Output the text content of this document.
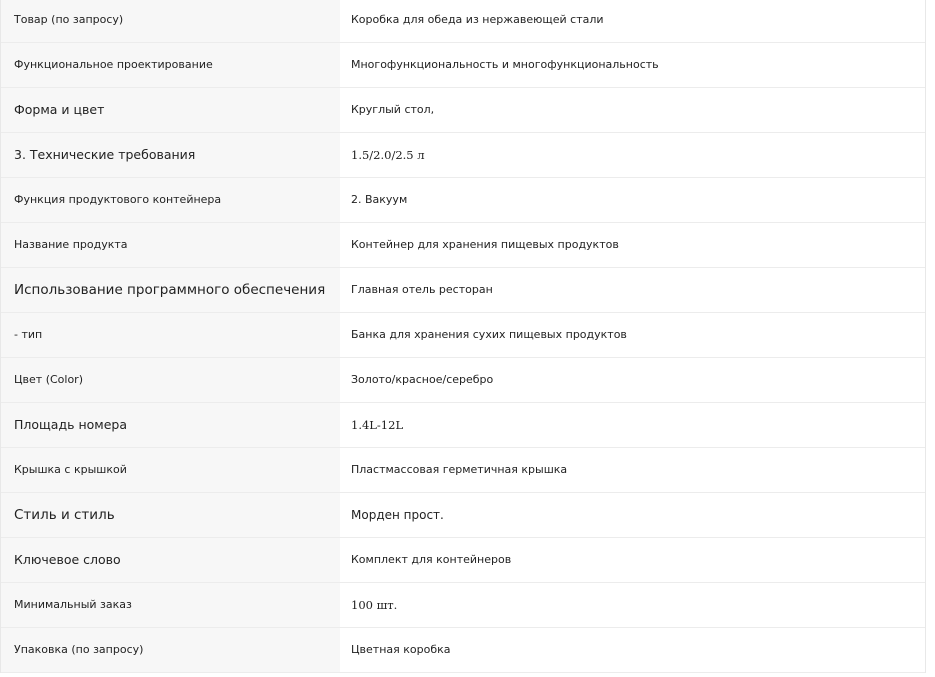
Товар (по запросу)	Коробка для обеда из нержавеющей стали
Функциональное проектирование	Многофункциональность и многофункциональность
Форма и цвет	Круглый стол,
3. Технические требования	1.5/2.0/2.5 л
Функция продуктового контейнера	2. Вакуум
Название продукта	Контейнер для хранения пищевых продуктов
Использование программного обеспечения	Главная отель ресторан
- тип	Банка для хранения сухих пищевых продуктов
Цвет (Color)	Золото/красное/серебро
Площадь номера	1.4L-12L
Крышка с крышкой	Пластмассовая герметичная крышка
Стиль и стиль	Морден прост.
Ключевое слово	Комплект для контейнеров
Минимальный заказ	100 шт.
Упаковка (по запросу)	Цветная коробка
